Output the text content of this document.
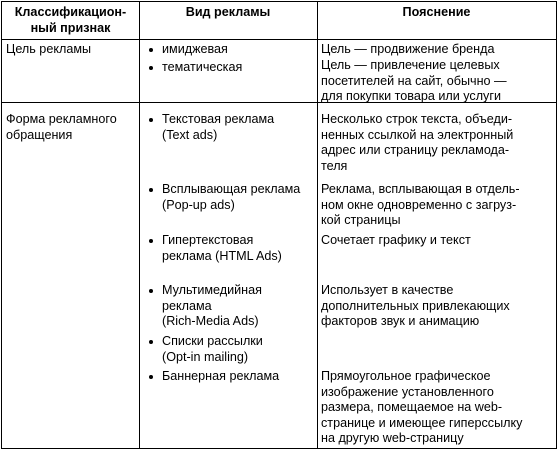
Классификацион-
ный признак
Вид рекламы	Пояснение
Цель рекламы	имиджевая
тематическая
Цель — продвижение бренда
Цель — привлечение целевых
посетителей на сайт, обычно —
для покупки товара или услуги
Форма рекламного
обращения
Текстовая реклама
(Text ads)
Всплывающая реклама
(Pop-up ads)
Гипертекстовая
реклама (HTML Ads)
Мультимедийная
реклама
(Rich-Media Ads)
Списки рассылки
(Opt-in mailing)
Баннерная реклама
Несколько строк текста, объеди-
ненных ссылкой на электронный
адрес или страницу рекламода-
теля
Реклама, всплывающая в отдель-
ном окне одновременно с загруз-
кой страницы
Сочетает графику и текст
Использует в качестве
дополнительных привлекающих
факторов звук и анимацию
Прямоугольное графическое
изображение установленного
размера, помещаемое на web-
странице и имеющее гиперссылку
на другую web-страницу
